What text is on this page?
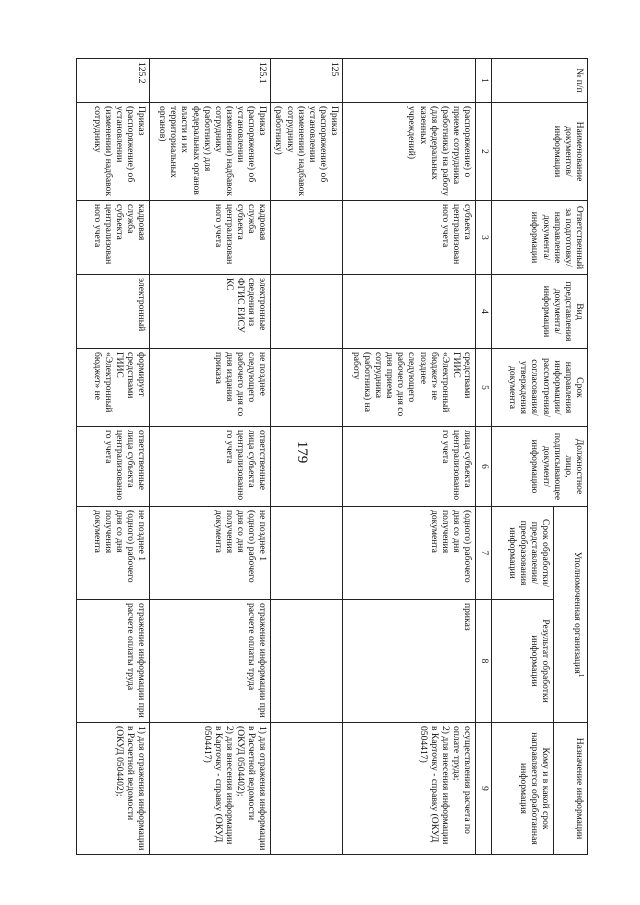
179
№ п/п	Наименование документов/ информации	Ответственный за подготовку/ направление документа/ информации	Вид представления документа/ информации	Срок направления информации/ рассмотрения/ согласования/ утверждения документа	Должностное лицо, подписывающее документ/ информацию	Уполномоченная организация$^1$		Назначение информации
						Срок обработки/ представления/ преобразования информации	Результат обработки информации	Кому и в какой срок направляется обработанная информация
1	2	3	4	5	6	7	8	9
	(распоряжение) о приеме сотрудника (работника) на работу (для федеральных казенных учреждений)	субъекта централизован ного учета		средствами ГИИС «Электронный бюджет» не позднее следующего рабочего дня со дня приема сотрудника (работника) на работу	лица субъекта централизованно го учета	(одного) рабочего дня со дня получения документа	приказ	осуществления расчета по оплате труда;
2) для внесения информации в Карточку - справку (ОКУД 0504417)
125	Приказ (распоряжение) об установлении (изменении) надбавок сотруднику (работнику)							
125.1	Приказ (распоряжение) об установлении (изменении) надбавок сотруднику (работнику) для федеральных органов власти и их территориальных органов)	кадровая служба субъекта централизован ного учета	электронные сведения из ФГИС ЕИСУ КС	не позднее следующего рабочего дня со дня издания приказа	ответственные лица субъекта централизованно го учета	не позднее 1 (одного) рабочего дня со дня получения документа	отражение информации при расчете оплаты труда	1) для отражения информации в Расчетной ведомости (ОКУД 0504402);
2) для внесения информации в Карточку - справку (ОКУД 0504417)
125.2	Приказ (распоряжение) об установлении (изменении) надбавок сотруднику	кадровая служба субъекта централизован ного учета	электронный	формирует средствами ГИИС «Электронный бюджет» не	ответственные лица субъекта централизованно го учета	не позднее 1 (одного) рабочего дня со дня получения документа	отражение информации при расчете оплаты труда	1) для отражения информации в Расчетной ведомости (ОКУД 0504402);
